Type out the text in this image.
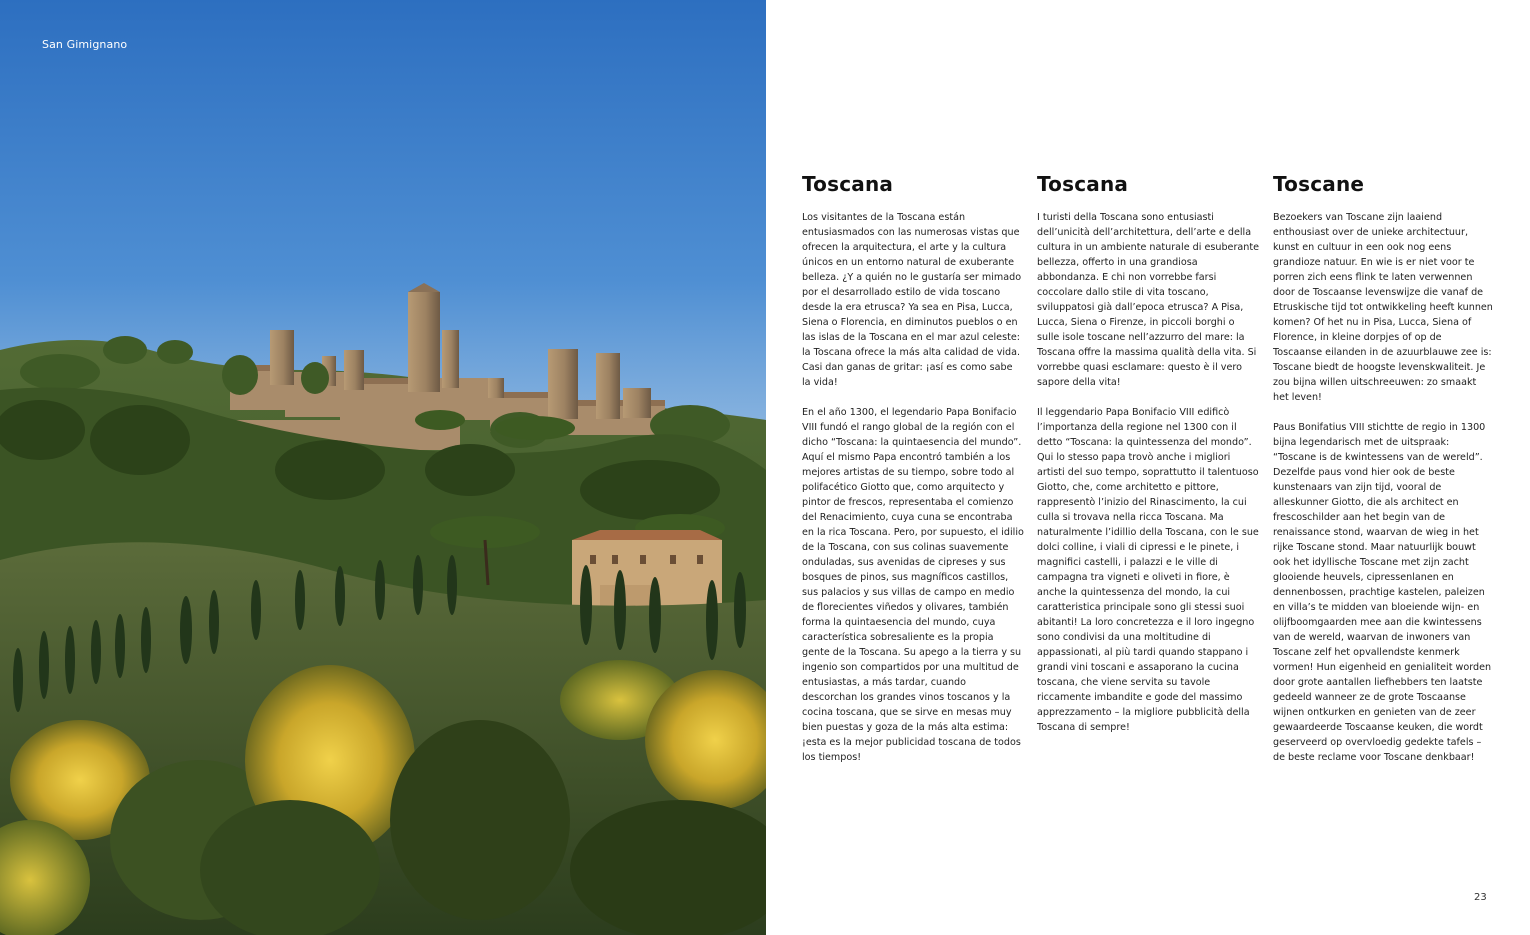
San Gimignano
Toscana

Los visitantes de la Toscana están entusiasmados con las numerosas vistas que ofrecen la arquitectura, el arte y la cultura únicos en un entorno natural de exuberante belleza. ¿Y a quién no le gustaría ser mimado por el desarrollado estilo de vida toscano desde la era etrusca? Ya sea en Pisa, Lucca, Siena o Florencia, en diminutos pueblos o en las islas de la Toscana en el mar azul celeste: la Toscana ofrece la más alta calidad de vida. Casi dan ganas de gritar: ¡así es como sabe la vida!

En el año 1300, el legendario Papa Bonifacio VIII fundó el rango global de la región con el dicho “Toscana: la quintaesencia del mundo”. Aquí el mismo Papa encontró también a los mejores artistas de su tiempo, sobre todo al polifacético Giotto que, como arquitecto y pintor de frescos, representaba el comienzo del Renacimiento, cuya cuna se encontraba en la rica Toscana. Pero, por supuesto, el idilio de la Toscana, con sus colinas suavemente onduladas, sus avenidas de cipreses y sus bosques de pinos, sus magníficos castillos, sus palacios y sus villas de campo en medio de florecientes viñedos y olivares, también forma la quintaesencia del mundo, cuya característica sobresaliente es la propia gente de la Toscana. Su apego a la tierra y su ingenio son compartidos por una multitud de entusiastas, a más tardar, cuando descorchan los grandes vinos toscanos y la cocina toscana, que se sirve en mesas muy bien puestas y goza de la más alta estima: ¡esta es la mejor publicidad toscana de todos los tiempos!

Toscana

I turisti della Toscana sono entusiasti dell’unicità dell’architettura, dell’arte e della cultura in un ambiente naturale di esuberante bellezza, offerto in una grandiosa abbondanza. E chi non vorrebbe farsi coccolare dallo stile di vita toscano, sviluppatosi già dall’epoca etrusca? A Pisa, Lucca, Siena o Firenze, in piccoli borghi o sulle isole toscane nell’azzurro del mare: la Toscana offre la massima qualità della vita. Si vorrebbe quasi esclamare: questo è il vero sapore della vita!

Il leggendario Papa Bonifacio VIII edificò l’importanza della regione nel 1300 con il detto “Toscana: la quintessenza del mondo”. Qui lo stesso papa trovò anche i migliori artisti del suo tempo, soprattutto il talentuoso Giotto, che, come architetto e pittore, rappresentò l’inizio del Rinascimento, la cui culla si trovava nella ricca Toscana. Ma naturalmente l’idillio della Toscana, con le sue dolci colline, i viali di cipressi e le pinete, i magnifici castelli, i palazzi e le ville di campagna tra vigneti e oliveti in fiore, è anche la quintessenza del mondo, la cui caratteristica principale sono gli stessi suoi abitanti! La loro concretezza e il loro ingegno sono condivisi da una moltitudine di appassionati, al più tardi quando stappano i grandi vini toscani e assaporano la cucina toscana, che viene servita su tavole riccamente imbandite e gode del massimo apprezzamento – la migliore pubblicità della Toscana di sempre!

Toscane

Bezoekers van Toscane zijn laaiend enthousiast over de unieke architectuur, kunst en cultuur in een ook nog eens grandioze natuur. En wie is er niet voor te porren zich eens flink te laten verwennen door de Toscaanse levenswijze die vanaf de Etruskische tijd tot ontwikkeling heeft kunnen komen? Of het nu in Pisa, Lucca, Siena of Florence, in kleine dorpjes of op de Toscaanse eilanden in de azuurblauwe zee is: Toscane biedt de hoogste levenskwaliteit. Je zou bijna willen uitschreeuwen: zo smaakt het leven!

Paus Bonifatius VIII stichtte de regio in 1300 bijna legendarisch met de uitspraak: “Toscane is de kwintessens van de wereld”. Dezelfde paus vond hier ook de beste kunstenaars van zijn tijd, vooral de alleskunner Giotto, die als architect en frescoschilder aan het begin van de renaissance stond, waarvan de wieg in het rijke Toscane stond. Maar natuurlijk bouwt ook het idyllische Toscane met zijn zacht glooiende heuvels, cipressenlanen en dennenbossen, prachtige kastelen, paleizen en villa’s te midden van bloeiende wijn- en olijfboomgaarden mee aan die kwintessens van de wereld, waarvan de inwoners van Toscane zelf het opvallendste kenmerk vormen! Hun eigenheid en genialiteit worden door grote aantallen liefhebbers ten laatste gedeeld wanneer ze de grote Toscaanse wijnen ontkurken en genieten van de zeer gewaardeerde Toscaanse keuken, die wordt geserveerd op overvloedig gedekte tafels – de beste reclame voor Toscane denkbaar!

23
